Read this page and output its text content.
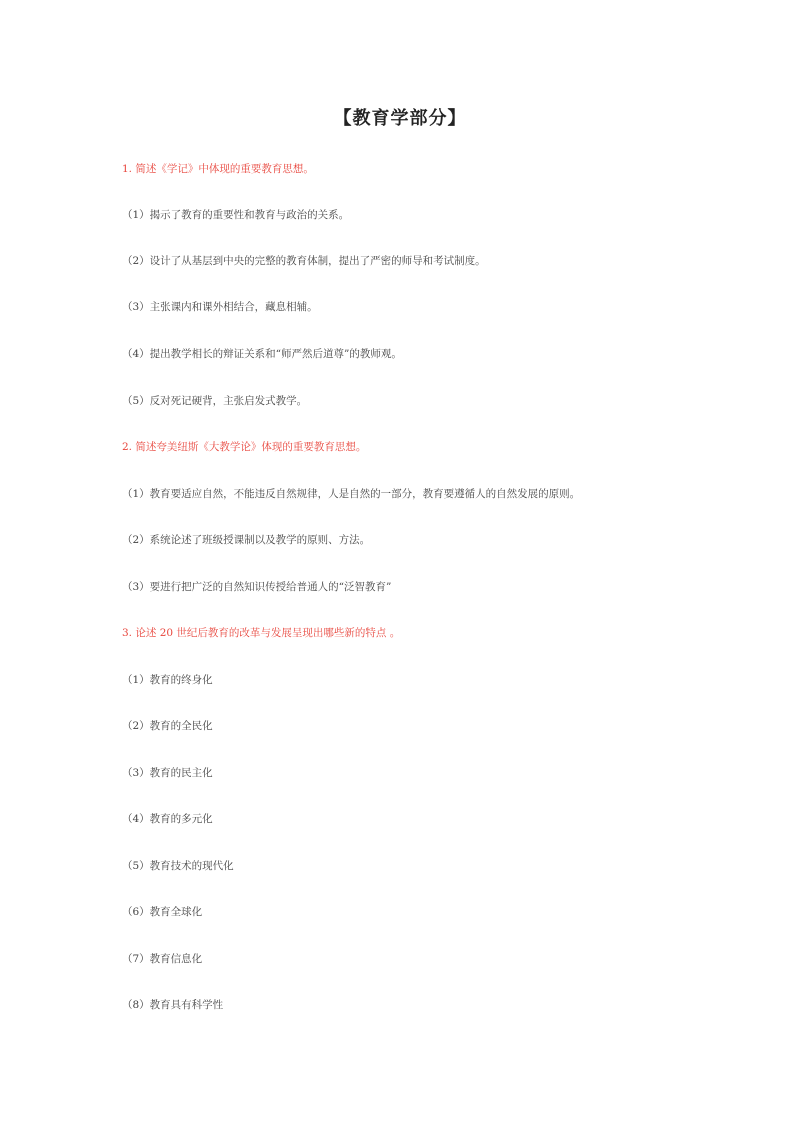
【教育学部分】
1. 简述《学记》中体现的重要教育思想。
（1）揭示了教育的重要性和教育与政治的关系。
（2）设计了从基层到中央的完整的教育体制，提出了严密的师导和考试制度。
（3）主张课内和课外相结合，藏息相辅。
（4）提出教学相长的辩证关系和“师严然后道尊”的教师观。
（5）反对死记硬背，主张启发式教学。
2. 简述夸美纽斯《大教学论》体现的重要教育思想。
（1）教育要适应自然，不能违反自然规律，人是自然的一部分，教育要遵循人的自然发展的原则。
（2）系统论述了班级授课制以及教学的原则、方法。
（3）要进行把广泛的自然知识传授给普通人的“泛智教育”
3. 论述 20 世纪后教育的改革与发展呈现出哪些新的特点 。
（1）教育的终身化
（2）教育的全民化
（3）教育的民主化
（4）教育的多元化
（5）教育技术的现代化
（6）教育全球化
（7）教育信息化
（8）教育具有科学性
